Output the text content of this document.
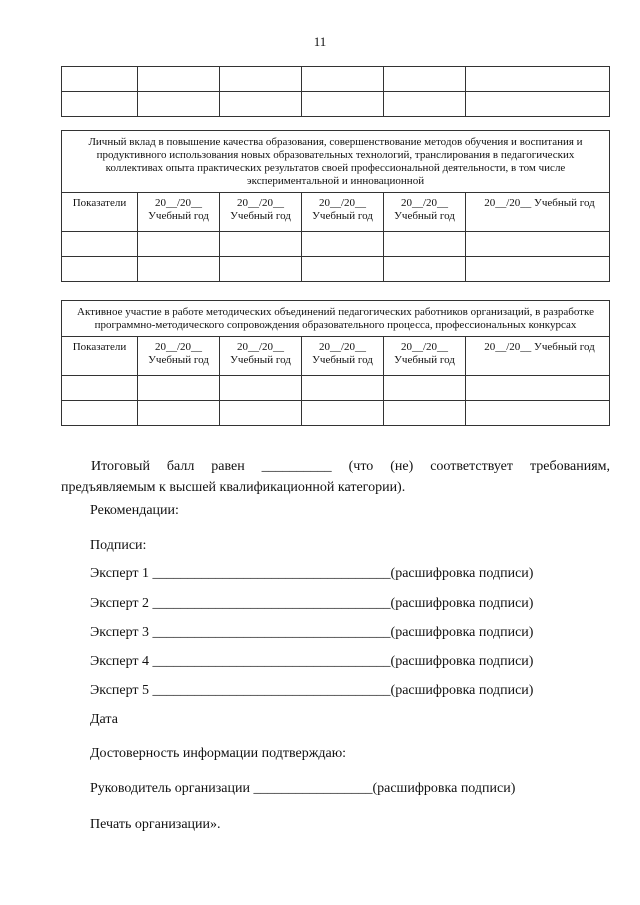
11

Личный вклад в повышение качества образования, совершенствование методов обучения и воспитания и продуктивного использования новых образовательных технологий, транслирования в педагогических коллективах опыта практических результатов своей профессиональной деятельности, в том числе экспериментальной и инновационной					
Показатели	20__/20__ Учебный год	20__/20__ Учебный год	20__/20__ Учебный год	20__/20__ Учебный год	20__/20__ Учебный год

Активное участие в работе методических объединений педагогических работников организаций, в разработке программно-методического сопровождения образовательного процесса, профессиональных конкурсах					
Показатели	20__/20__ Учебный год	20__/20__ Учебный год	20__/20__ Учебный год	20__/20__ Учебный год	20__/20__ Учебный год

Итоговый балл равен __________ (что (не) соответствует требованиям, предъявляемым к высшей квалификационной категории).
Рекомендации:
Подписи:
Эксперт 1 __________________________________(расшифровка подписи)
Эксперт 2 __________________________________(расшифровка подписи)
Эксперт 3 __________________________________(расшифровка подписи)
Эксперт 4 __________________________________(расшифровка подписи)
Эксперт 5 __________________________________(расшифровка подписи)
Дата
Достоверность информации подтверждаю:
Руководитель организации _________________(расшифровка подписи)
Печать организации».
